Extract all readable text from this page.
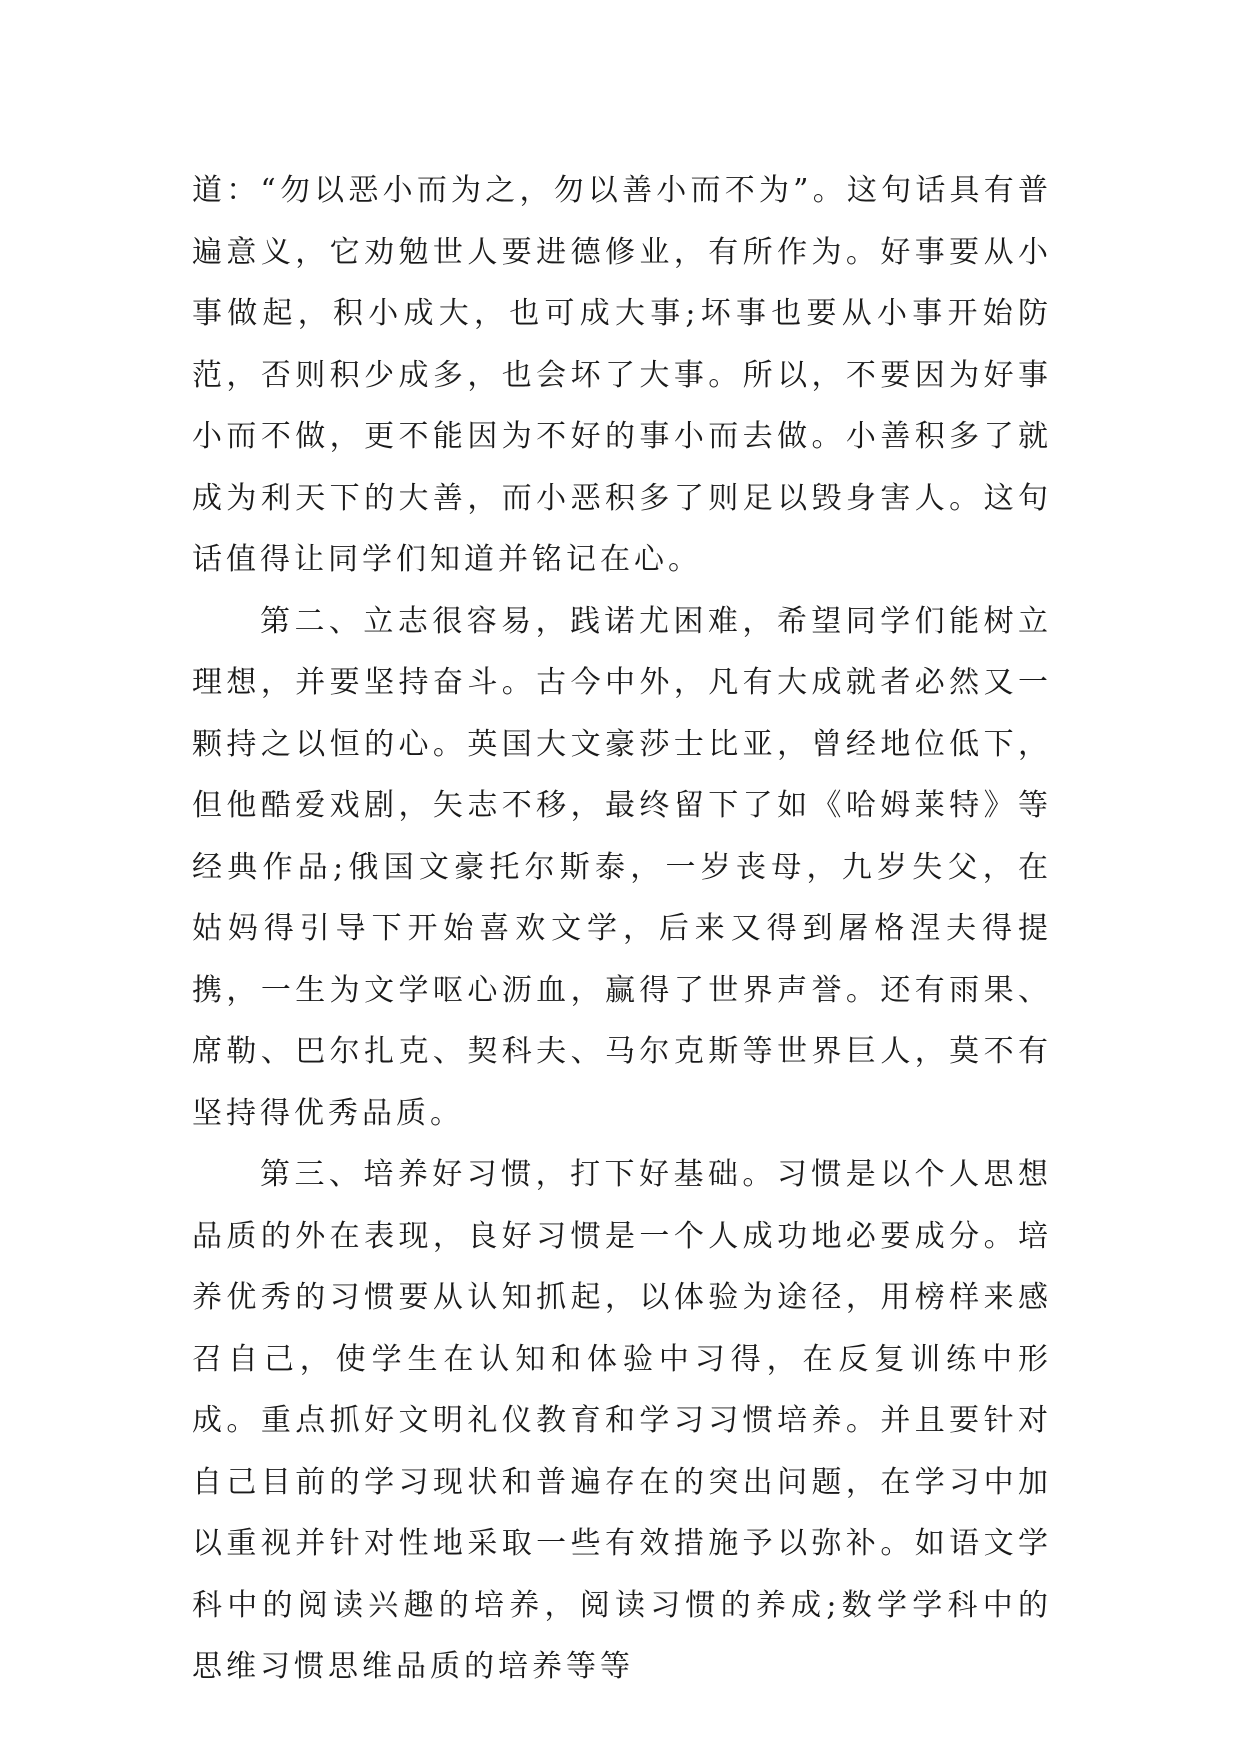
道：“勿以恶小而为之，勿以善小而不为”。这句话具有普遍意义，它劝勉世人要进德修业，有所作为。好事要从小事做起，积小成大，也可成大事;坏事也要从小事开始防范，否则积少成多，也会坏了大事。所以，不要因为好事小而不做，更不能因为不好的事小而去做。小善积多了就成为利天下的大善，而小恶积多了则足以毁身害人。这句话值得让同学们知道并铭记在心。

第二、立志很容易，践诺尤困难，希望同学们能树立理想，并要坚持奋斗。古今中外，凡有大成就者必然又一颗持之以恒的心。英国大文豪莎士比亚，曾经地位低下，但他酷爱戏剧，矢志不移，最终留下了如《哈姆莱特》等经典作品;俄国文豪托尔斯泰，一岁丧母，九岁失父，在姑妈得引导下开始喜欢文学，后来又得到屠格涅夫得提携，一生为文学呕心沥血，赢得了世界声誉。还有雨果、席勒、巴尔扎克、契科夫、马尔克斯等世界巨人，莫不有坚持得优秀品质。

第三、培养好习惯，打下好基础。习惯是以个人思想品质的外在表现，良好习惯是一个人成功地必要成分。培养优秀的习惯要从认知抓起，以体验为途径，用榜样来感召自己，使学生在认知和体验中习得，在反复训练中形成。重点抓好文明礼仪教育和学习习惯培养。并且要针对自己目前的学习现状和普遍存在的突出问题，在学习中加以重视并针对性地采取一些有效措施予以弥补。如语文学科中的阅读兴趣的培养，阅读习惯的养成;数学学科中的思维习惯思维品质的培养等等
